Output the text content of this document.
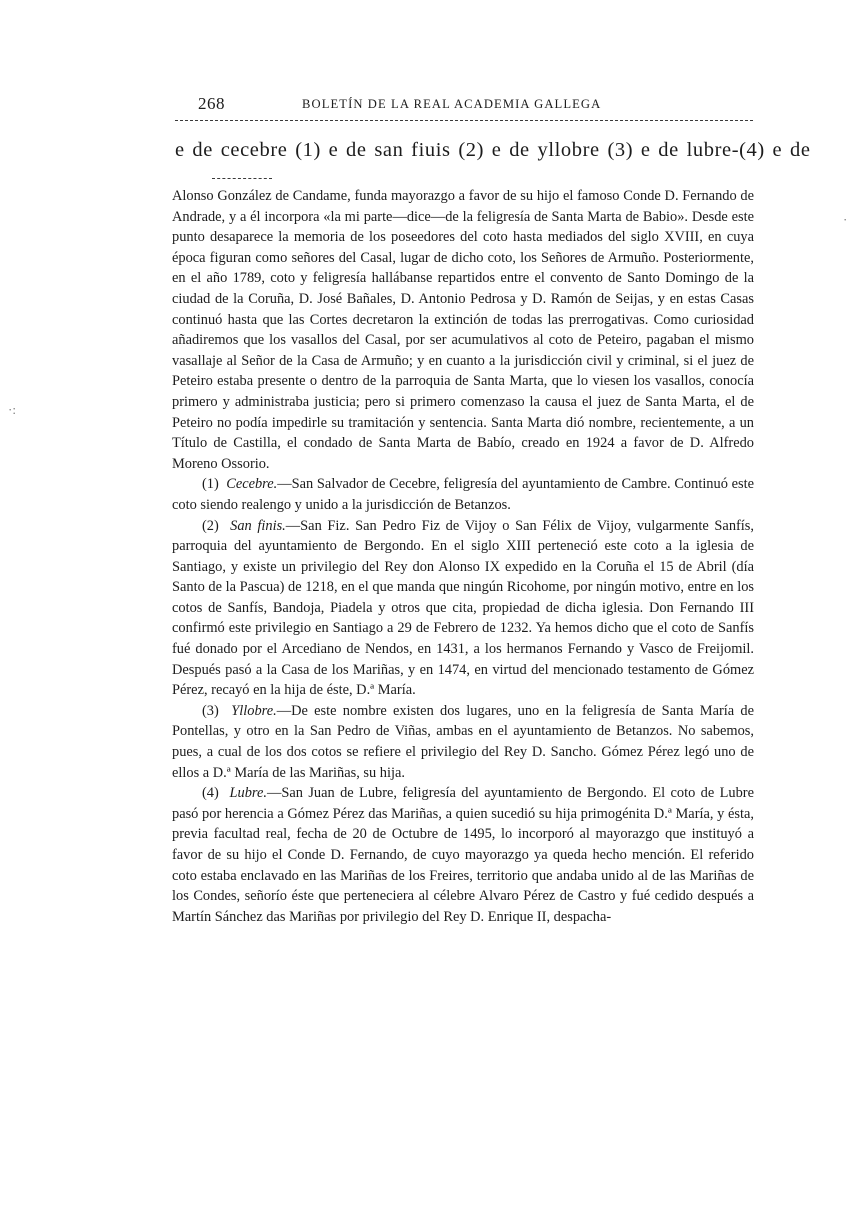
268	BOLETÍN DE LA REAL ACADEMIA GALLEGA
e de cecebre (1) e de san fiuis (2) e de yllobre (3) e de lubre-(4) e de

Alonso González de Candame, funda mayorazgo a favor de su hijo el famoso Conde D. Fernando de Andrade, y a él incorpora «la mi parte—dice—de la feligresía de Santa Marta de Babio». Desde este punto desaparece la memoria de los poseedores del coto hasta mediados del siglo XVIII, en cuya época figuran como señores del Casal, lugar de dicho coto, los Señores de Armuño. Posteriormente, en el año 1789, coto y feligresía hallábanse repartidos entre el convento de Santo Domingo de la ciudad de la Coruña, D. José Bañales, D. Antonio Pedrosa y D. Ramón de Seijas, y en estas Casas continuó hasta que las Cortes decretaron la extinción de todas las prerrogativas. Como curiosidad añadiremos que los vasallos del Casal, por ser acumulativos al coto de Peteiro, pagaban el mismo vasallaje al Señor de la Casa de Armuño; y en cuanto a la jurisdicción civil y criminal, si el juez de Peteiro estaba presente o dentro de la parroquia de Santa Marta, que lo viesen los vasallos, conocía primero y administraba justicia; pero si primero comenzaso la causa el juez de Santa Marta, el de Peteiro no podía impedirle su tramitación y sentencia. Santa Marta dió nombre, recientemente, a un Título de Castilla, el condado de Santa Marta de Babío, creado en 1924 a favor de D. Alfredo Moreno Ossorio.

(1) Cecebre.—San Salvador de Cecebre, feligresía del ayuntamiento de Cambre. Continuó este coto siendo realengo y unido a la jurisdicción de Betanzos.

(2) San finis.—San Fiz. San Pedro Fiz de Vijoy o San Félix de Vijoy, vulgarmente Sanfís, parroquia del ayuntamiento de Bergondo. En el siglo XIII perteneció este coto a la iglesia de Santiago, y existe un privilegio del Rey don Alonso IX expedido en la Coruña el 15 de Abril (día Santo de la Pascua) de 1218, en el que manda que ningún Ricohome, por ningún motivo, entre en los cotos de Sanfís, Bandoja, Piadela y otros que cita, propiedad de dicha iglesia. Don Fernando III confirmó este privilegio en Santiago a 29 de Febrero de 1232. Ya hemos dicho que el coto de Sanfís fué donado por el Arcediano de Nendos, en 1431, a los hermanos Fernando y Vasco de Freijomil. Después pasó a la Casa de los Mariñas, y en 1474, en virtud del mencionado testamento de Gómez Pérez, recayó en la hija de éste, D.ª María.

(3) Yllobre.—De este nombre existen dos lugares, uno en la feligresía de Santa María de Pontellas, y otro en la San Pedro de Viñas, ambas en el ayuntamiento de Betanzos. No sabemos, pues, a cual de los dos cotos se refiere el privilegio del Rey D. Sancho. Gómez Pérez legó uno de ellos a D.ª María de las Mariñas, su hija.

(4) Lubre.—San Juan de Lubre, feligresía del ayuntamiento de Bergondo. El coto de Lubre pasó por herencia a Gómez Pérez das Mariñas, a quien sucedió su hija primogénita D.ª María, y ésta, previa facultad real, fecha de 20 de Octubre de 1495, lo incorporó al mayorazgo que instituyó a favor de su hijo el Conde D. Fernando, de cuyo mayorazgo ya queda hecho mención. El referido coto estaba enclavado en las Mariñas de los Freires, territorio que andaba unido al de las Mariñas de los Condes, señorío éste que perteneciera al célebre Alvaro Pérez de Castro y fué cedido después a Martín Sánchez das Mariñas por privilegio del Rey D. Enrique II, despacha-

·:
·
